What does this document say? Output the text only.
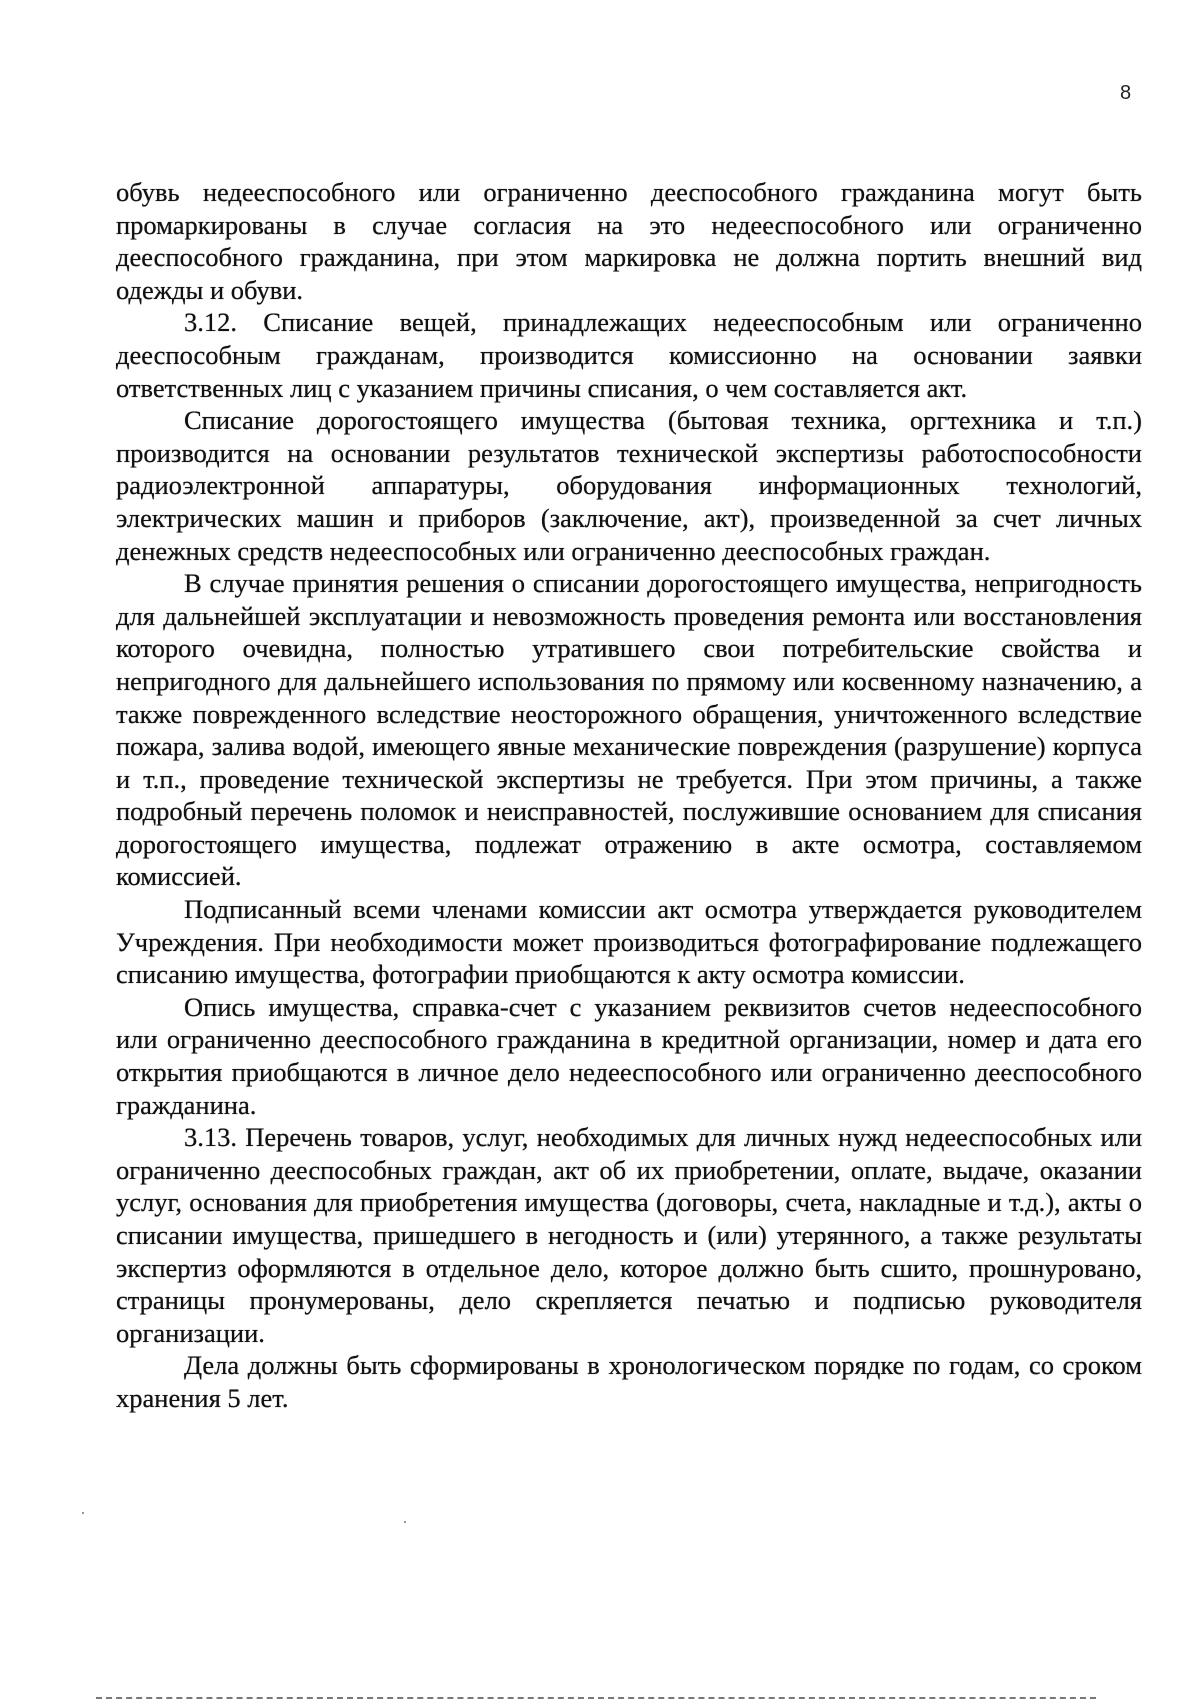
8

обувь недееспособного или ограниченно дееспособного гражданина могут быть промаркированы в случае согласия на это недееспособного или ограниченно дееспособного гражданина, при этом маркировка не должна портить внешний вид одежды и обуви.

3.12. Списание вещей, принадлежащих недееспособным или ограниченно дееспособным гражданам, производится комиссионно на основании заявки ответственных лиц с указанием причины списания, о чем составляется акт.

Списание дорогостоящего имущества (бытовая техника, оргтехника и т.п.) производится на основании результатов технической экспертизы работоспособности радиоэлектронной аппаратуры, оборудования информационных технологий, электрических машин и приборов (заключение, акт), произведенной за счет личных денежных средств недееспособных или ограниченно дееспособных граждан.

В случае принятия решения о списании дорогостоящего имущества, непригодность для дальнейшей эксплуатации и невозможность проведения ремонта или восстановления которого очевидна, полностью утратившего свои потребительские свойства и непригодного для дальнейшего использования по прямому или косвенному назначению, а также поврежденного вследствие неосторожного обращения, уничтоженного вследствие пожара, залива водой, имеющего явные механические повреждения (разрушение) корпуса и т.п., проведение технической экспертизы не требуется. При этом причины, а также подробный перечень поломок и неисправностей, послужившие основанием для списания дорогостоящего имущества, подлежат отражению в акте осмотра, составляемом комиссией.

Подписанный всеми членами комиссии акт осмотра утверждается руководителем Учреждения. При необходимости может производиться фотографирование подлежащего списанию имущества, фотографии приобщаются к акту осмотра комиссии.

Опись имущества, справка-счет с указанием реквизитов счетов недееспособного или ограниченно дееспособного гражданина в кредитной организации, номер и дата его открытия приобщаются в личное дело недееспособного или ограниченно дееспособного гражданина.

3.13. Перечень товаров, услуг, необходимых для личных нужд недееспособных или ограниченно дееспособных граждан, акт об их приобретении, оплате, выдаче, оказании услуг, основания для приобретения имущества (договоры, счета, накладные и т.д.), акты о списании имущества, пришедшего в негодность и (или) утерянного, а также результаты экспертиз оформляются в отдельное дело, которое должно быть сшито, прошнуровано, страницы пронумерованы, дело скрепляется печатью и подписью руководителя организации.

Дела должны быть сформированы в хронологическом порядке по годам, со сроком хранения 5 лет.
